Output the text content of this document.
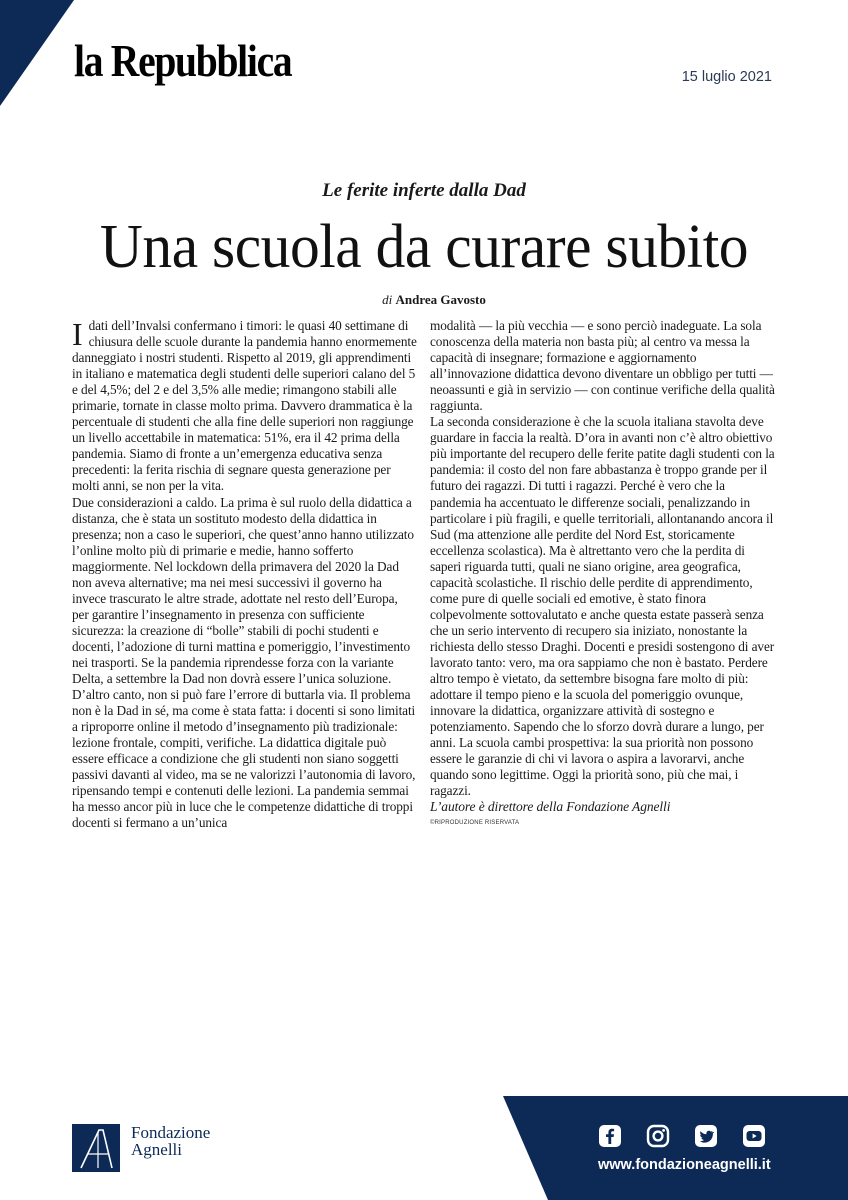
la Repubblica	15 luglio 2021
Le ferite inferte dalla Dad
Una scuola da curare subito
di Andrea Gavosto

Idati dell’Invalsi confermano i timori: le quasi 40 settimane di chiusura delle scuole durante la pandemia hanno enormemente danneggiato i nostri studenti. Rispetto al 2019, gli apprendimenti in italiano e matematica degli studenti delle superiori calano del 5 e del 4,5%; del 2 e del 3,5% alle medie; rimangono stabili alle primarie, tornate in classe molto prima. Davvero drammatica è la percentuale di studenti che alla fine delle superiori non raggiunge un livello accettabile in matematica: 51%, era il 42 prima della pandemia. Siamo di fronte a un’emergenza educativa senza precedenti: la ferita rischia di segnare questa generazione per molti anni, se non per la vita.

Due considerazioni a caldo. La prima è sul ruolo della didattica a distanza, che è stata un sostituto modesto della didattica in presenza; non a caso le superiori, che quest’anno hanno utilizzato l’online molto più di primarie e medie, hanno sofferto maggiormente. Nel lockdown della primavera del 2020 la Dad non aveva alternative; ma nei mesi successivi il governo ha invece trascurato le altre strade, adottate nel resto dell’Europa, per garantire l’insegnamento in presenza con sufficiente sicurezza: la creazione di “bolle” stabili di pochi studenti e docenti, l’adozione di turni mattina e pomeriggio, l’investimento nei trasporti. Se la pandemia riprendesse forza con la variante Delta, a settembre la Dad non dovrà essere l’unica soluzione. D’altro canto, non si può fare l’errore di buttarla via. Il problema non è la Dad in sé, ma come è stata fatta: i docenti si sono limitati a riproporre online il metodo d’insegnamento più tradizionale: lezione frontale, compiti, verifiche. La didattica digitale può essere efficace a condizione che gli studenti non siano soggetti passivi davanti al video, ma se ne valorizzi l’autonomia di lavoro, ripensando tempi e contenuti delle lezioni. La pandemia semmai ha messo ancor più in luce che le competenze didattiche di troppi docenti si fermano a un’unica

modalità — la più vecchia — e sono perciò inadeguate. La sola conoscenza della materia non basta più; al centro va messa la capacità di insegnare; formazione e aggiornamento all’innovazione didattica devono diventare un obbligo per tutti — neoassunti e già in servizio — con continue verifiche della qualità raggiunta.

La seconda considerazione è che la scuola italiana stavolta deve guardare in faccia la realtà. D’ora in avanti non c’è altro obiettivo più importante del recupero delle ferite patite dagli studenti con la pandemia: il costo del non fare abbastanza è troppo grande per il futuro dei ragazzi. Di tutti i ragazzi. Perché è vero che la pandemia ha accentuato le differenze sociali, penalizzando in particolare i più fragili, e quelle territoriali, allontanando ancora il Sud (ma attenzione alle perdite del Nord Est, storicamente eccellenza scolastica). Ma è altrettanto vero che la perdita di saperi riguarda tutti, quali ne siano origine, area geografica, capacità scolastiche. Il rischio delle perdite di apprendimento, come pure di quelle sociali ed emotive, è stato finora colpevolmente sottovalutato e anche questa estate passerà senza che un serio intervento di recupero sia iniziato, nonostante la richiesta dello stesso Draghi. Docenti e presidi sostengono di aver lavorato tanto: vero, ma ora sappiamo che non è bastato. Perdere altro tempo è vietato, da settembre bisogna fare molto di più: adottare il tempo pieno e la scuola del pomeriggio ovunque, innovare la didattica, organizzare attività di sostegno e potenziamento. Sapendo che lo sforzo dovrà durare a lungo, per anni. La scuola cambi prospettiva: la sua priorità non possono essere le garanzie di chi vi lavora o aspira a lavorarvi, anche quando sono legittime. Oggi la priorità sono, più che mai, i ragazzi.

L’autore è direttore della Fondazione Agnelli

©RIPRODUZIONE RISERVATA

Fondazione
Agnelli
www.fondazioneagnelli.it
